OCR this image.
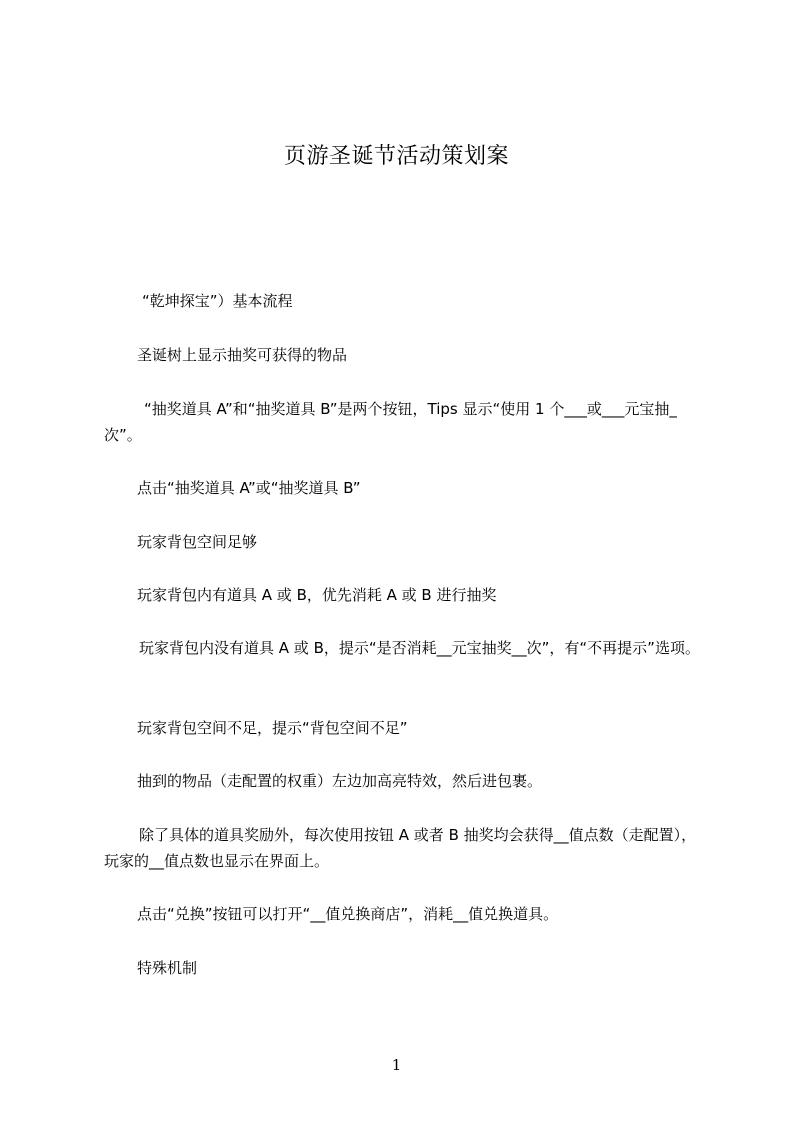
页游圣诞节活动策划案
“乾坤探宝”）基本流程
圣诞树上显示抽奖可获得的物品
“抽奖道具 A”和“抽奖道具 B”是两个按钮，Tips 显示“使用 1 个___或___元宝抽_次”。
点击“抽奖道具 A”或“抽奖道具 B”
玩家背包空间足够
玩家背包内有道具 A 或 B，优先消耗 A 或 B 进行抽奖
玩家背包内没有道具 A 或 B，提示“是否消耗__元宝抽奖__次”，有“不再提示”选项。
玩家背包空间不足，提示“背包空间不足”
抽到的物品（走配置的权重）左边加高亮特效，然后进包裹。
除了具体的道具奖励外，每次使用按钮 A 或者 B 抽奖均会获得__值点数（走配置），玩家的__值点数也显示在界面上。
点击“兑换”按钮可以打开“__值兑换商店”，消耗__值兑换道具。
特殊机制
1
